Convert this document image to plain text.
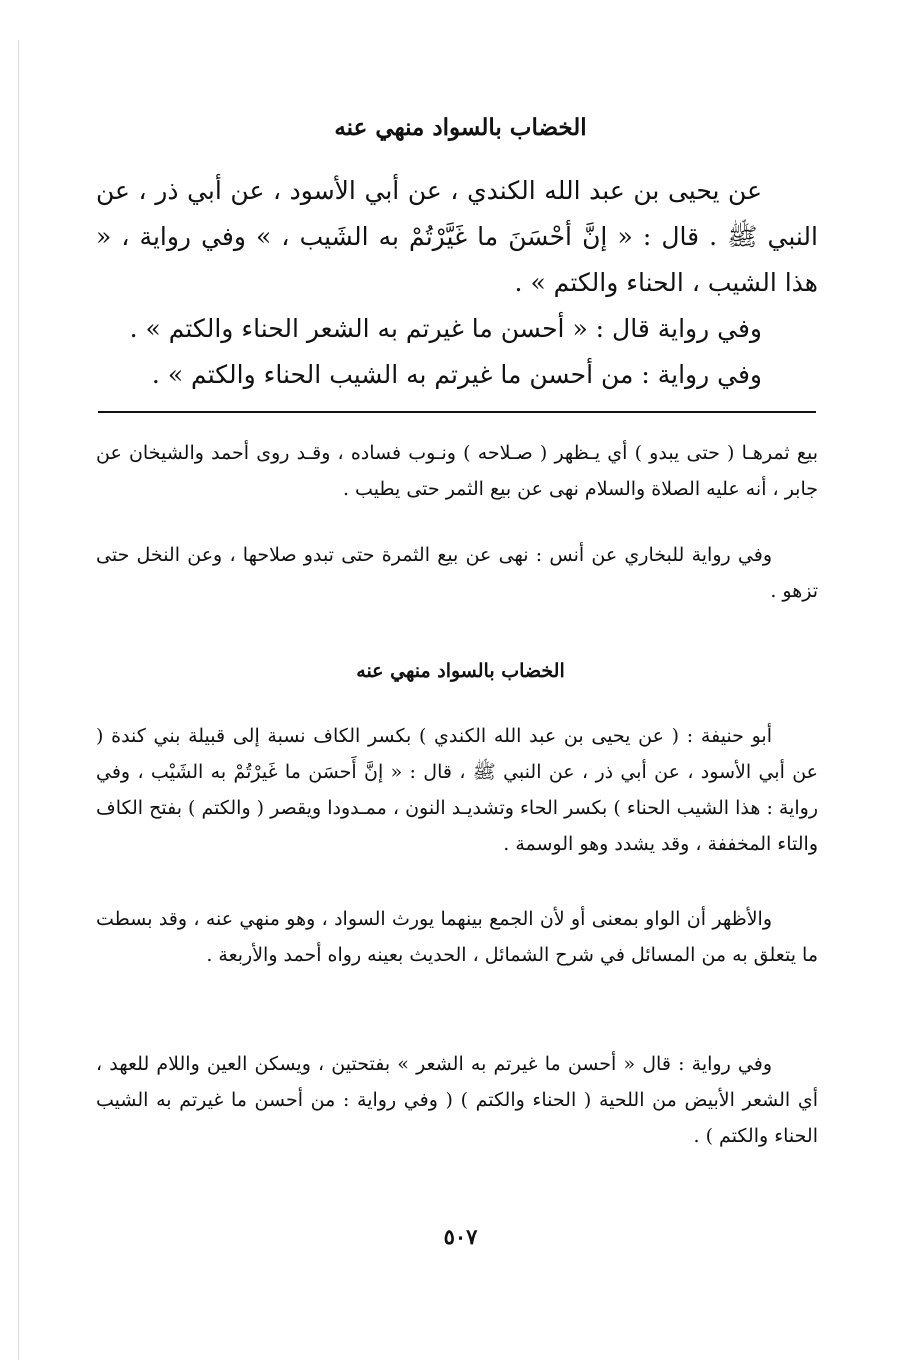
الخضاب بالسواد منهي عنه

عن يحيى بن عبد الله الكندي ، عن أبي الأسود ، عن أبي ذر ، عن النبي ﷺ . قال : « إنَّ أحْسَنَ ما غَيَّرْتُمْ به الشَيب ، » وفي رواية ، « هذا الشيب ، الحناء والكتم » .

وفي رواية قال : « أحسن ما غيرتم به الشعر الحناء والكتم » .

وفي رواية : من أحسن ما غيرتم به الشيب الحناء والكتم » .

بيع ثمرهـا ( حتى يبدو ) أي يـظهر ( صـلاحه ) ونـوب فساده ، وقـد روى أحمد والشيخان عن جابر ، أنه عليه الصلاة والسلام نهى عن بيع الثمر حتى يطيب .

وفي رواية للبخاري عن أنس : نهى عن بيع الثمرة حتى تبدو صلاحها ، وعن النخل حتى تزهو .

الخضاب بالسواد منهي عنه

أبو حنيفة : ( عن يحيى بن عبد الله الكندي ) بكسر الكاف نسبة إلى قبيلة بني كندة ( عن أبي الأسود ، عن أبي ذر ، عن النبي ﷺ ، قال : « إنَّ أَحسَن ما غَيرْتُمْ به الشَيْب ، وفي رواية : هذا الشيب الحناء ) بكسر الحاء وتشديـد النون ، ممـدودا ويقصر ( والكتم ) بفتح الكاف والتاء المخففة ، وقد يشدد وهو الوسمة .

والأظهر أن الواو بمعنى أو لأن الجمع بينهما يورث السواد ، وهو منهي عنه ، وقد بسطت ما يتعلق به من المسائل في شرح الشمائل ، الحديث بعينه رواه أحمد والأربعة .

وفي رواية : قال « أحسن ما غيرتم به الشعر » بفتحتين ، ويسكن العين واللام للعهد ، أي الشعر الأبيض من اللحية ( الحناء والكتم ) ( وفي رواية : من أحسن ما غيرتم به الشيب الحناء والكتم ) .

٥٠٧
